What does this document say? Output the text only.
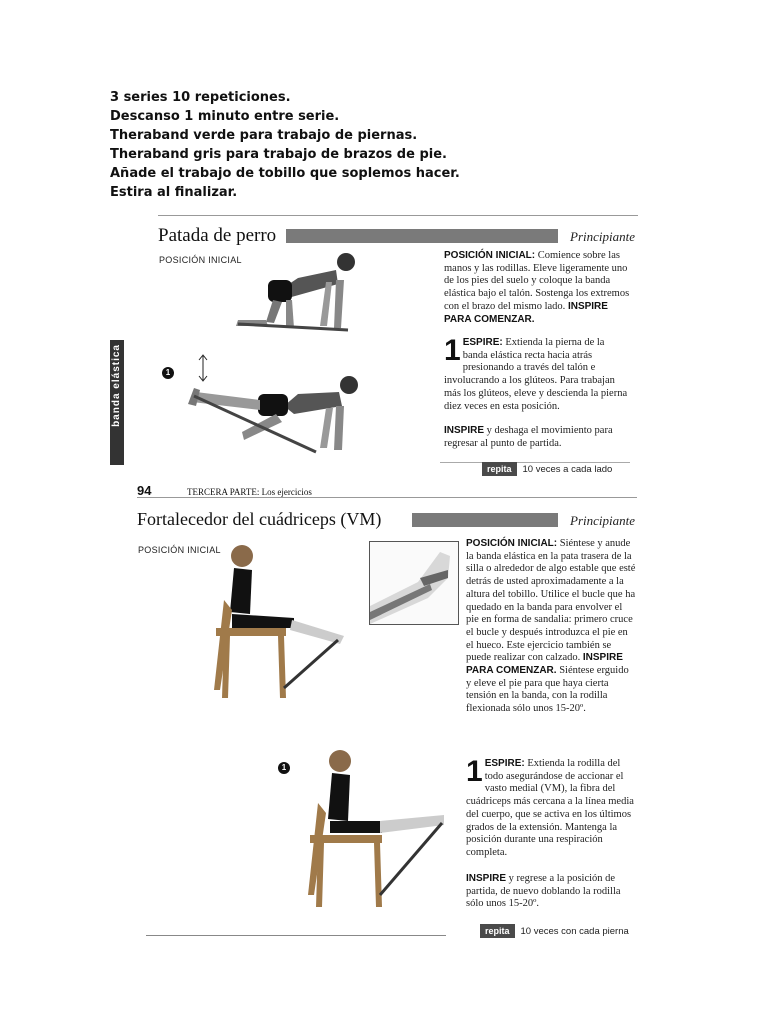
3 series 10 repeticiones.
Descanso 1 minuto entre serie.
Theraband verde para trabajo de piernas.
Theraband gris para trabajo de brazos de pie.
Añade el trabajo de tobillo que soplemos hacer.
Estira al finalizar.
Patada de perro	Principiante
POSICIÓN INICIAL
banda elástica	1
POSICIÓN INICIAL: Comience sobre las manos y las rodillas. Eleve ligeramente uno de los pies del suelo y coloque la banda elástica bajo el talón. Sostenga los extremos con el brazo del mismo lado. INSPIRE PARA COMENZAR.
1 ESPIRE: Extienda la pierna de la banda elástica recta hacia atrás presionando a través del talón e involucrando a los glúteos. Para trabajan más los glúteos, eleve y descienda la pierna diez veces en esta posición.
INSPIRE y deshaga el movimiento para regresar al punto de partida.
repita	10 veces a cada lado
94	TERCERA PARTE: Los ejercicios
Fortalecedor del cuádriceps (VM)	Principiante
POSICIÓN INICIAL
1
POSICIÓN INICIAL: Siéntese y anude la banda elástica en la pata trasera de la silla o alrededor de algo estable que esté detrás de usted aproximadamente a la altura del tobillo. Utilice el bucle que ha quedado en la banda para envolver el pie en forma de sandalia: primero cruce el bucle y después introduzca el pie en el hueco. Este ejercicio también se puede realizar con calzado. INSPIRE PARA COMENZAR. Siéntese erguido y eleve el pie para que haya cierta tensión en la banda, con la rodilla flexionada sólo unos 15-20º.
1 ESPIRE: Extienda la rodilla del todo asegurándose de accionar el vasto medial (VM), la fibra del cuádriceps más cercana a la línea media del cuerpo, que se activa en los últimos grados de la extensión. Mantenga la posición durante una respiración completa.
INSPIRE y regrese a la posición de partida, de nuevo doblando la rodilla sólo unos 15-20º.
repita	10 veces con cada pierna
